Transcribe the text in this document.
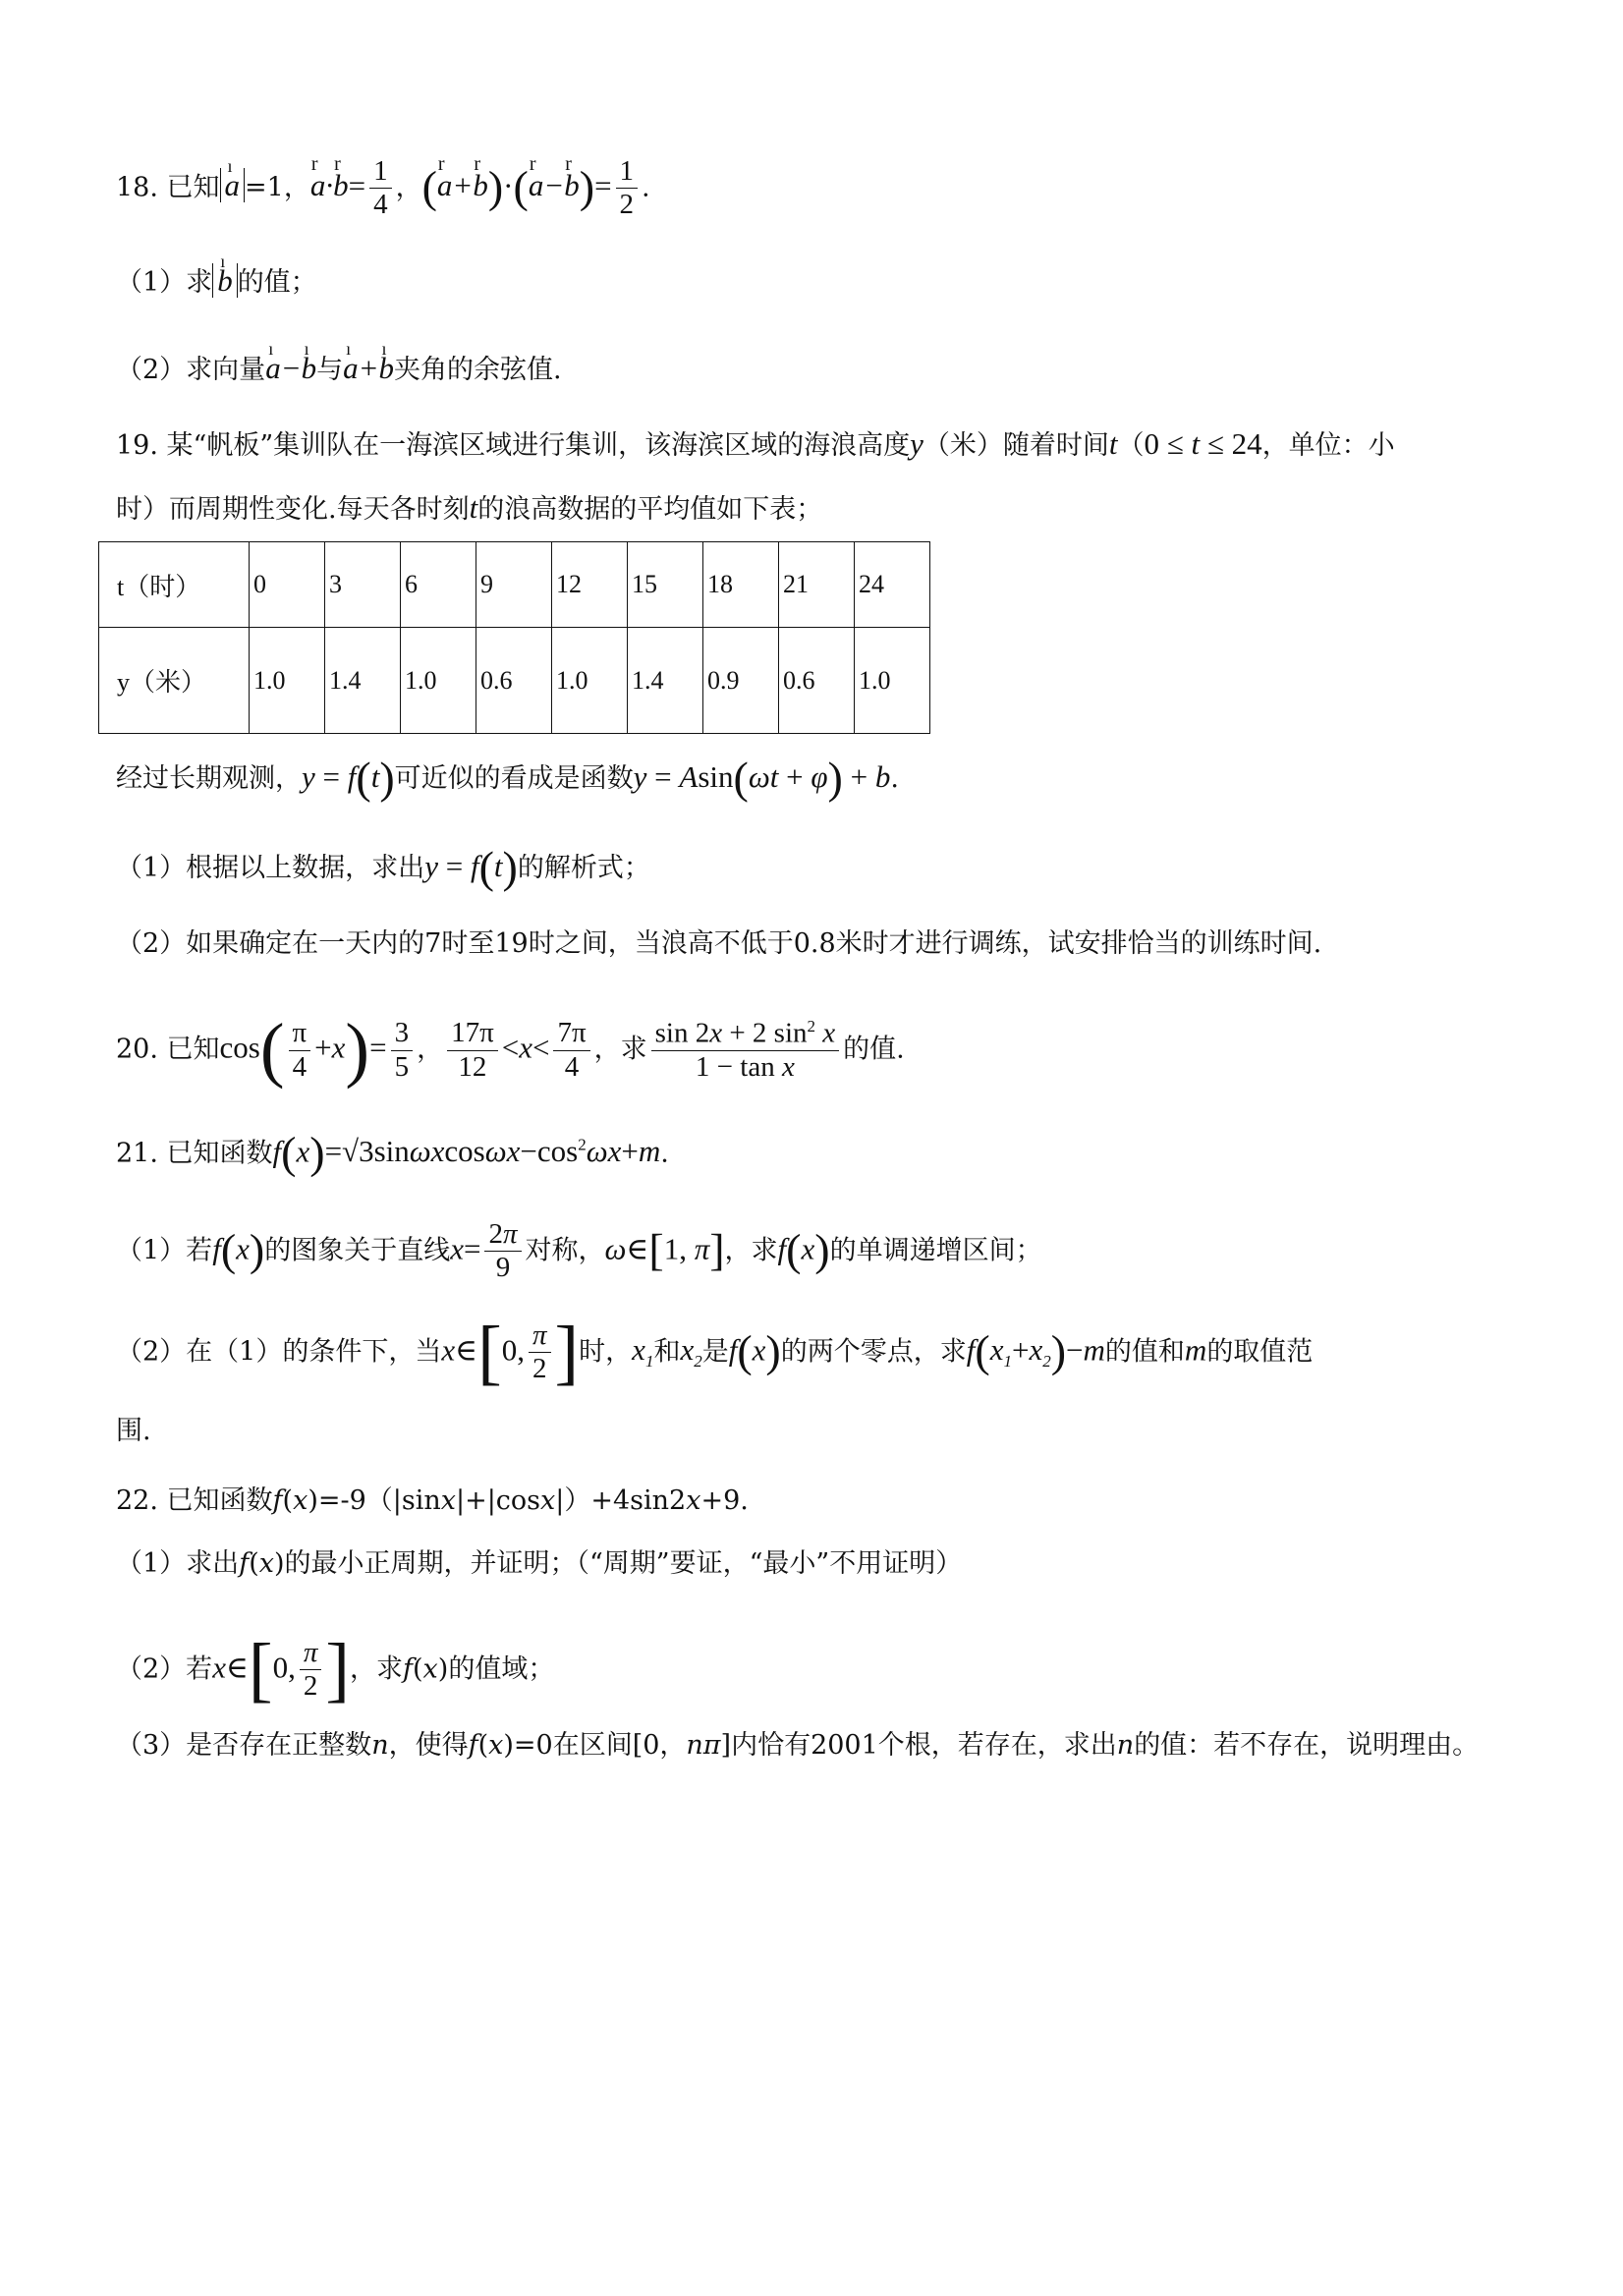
18. 已知 ı a =1，r a·r $b= \frac{1}{4}$ ，(r a+r b)·(r a−r $b)= \frac{1}{2}$ .
（1）求 ı b 的值；
（2）求向量ı a−ı b与ı a+ı b夹角的余弦值.
19. 某“帆板”集训队在一海滨区域进行集训，该海滨区域的海浪高度y（米）随着时间t（0 ≤ t ≤ 24，单位：小
时）而周期性变化.每天各时刻t的浪高数据的平均值如下表；
t（时）	0	3	6	9	12	15	18	21	24
y（米）	1.0	1.4	1.0	0.6	1.0	1.4	0.9	0.6	1.0
经过长期观测，y = f(t)可近似的看成是函数y = Asin(ωt + φ) + b.
（1）根据以上数据，求出y = f(t)的解析式；
（2）如果确定在一天内的7时至19时之间，当浪高不低于0.8米时才进行调练，试安排恰当的训练时间.
20. 已知$\cos( \frac{\pi}{4} +x)= \frac{3}{5}$ ， $\frac{17\pi}{12} <x< \frac{7\pi}{4}$ ，求 $\frac{\sin 2x + 2 \sin^2 x}{\text{1 − tan x}}$ 的值.
21. 已知函数$f(x)=√3\sin\omega xcos\omega x-\cos^2\omega x+m$.
（1）若f(x)的图象关于直线$x= \frac{2\pi}{9}$ 对称，ω∈[1, π]，求f(x)的单调递增区间；
（2）在（1）的条件下，当x∈[0, $\frac{\pi}{2}$ ]时，$x_1$和$x_2$是f(x)的两个零点，求$f(x_1+x_2)-m$的值和m的取值范
围.
22. 已知函数f(x)=-9（|sinx|+|cosx|）+4sin2x+9.
（1）求出f(x)的最小正周期，并证明；（“周期”要证，“最小”不用证明）
（2）若x∈[0, $\frac{\pi}{2}$ ]，求f(x)的值域；
（3）是否存在正整数n，使得f(x)=0在区间[0，nπ]内恰有2001个根，若存在，求出n的值：若不存在，说明理由。
